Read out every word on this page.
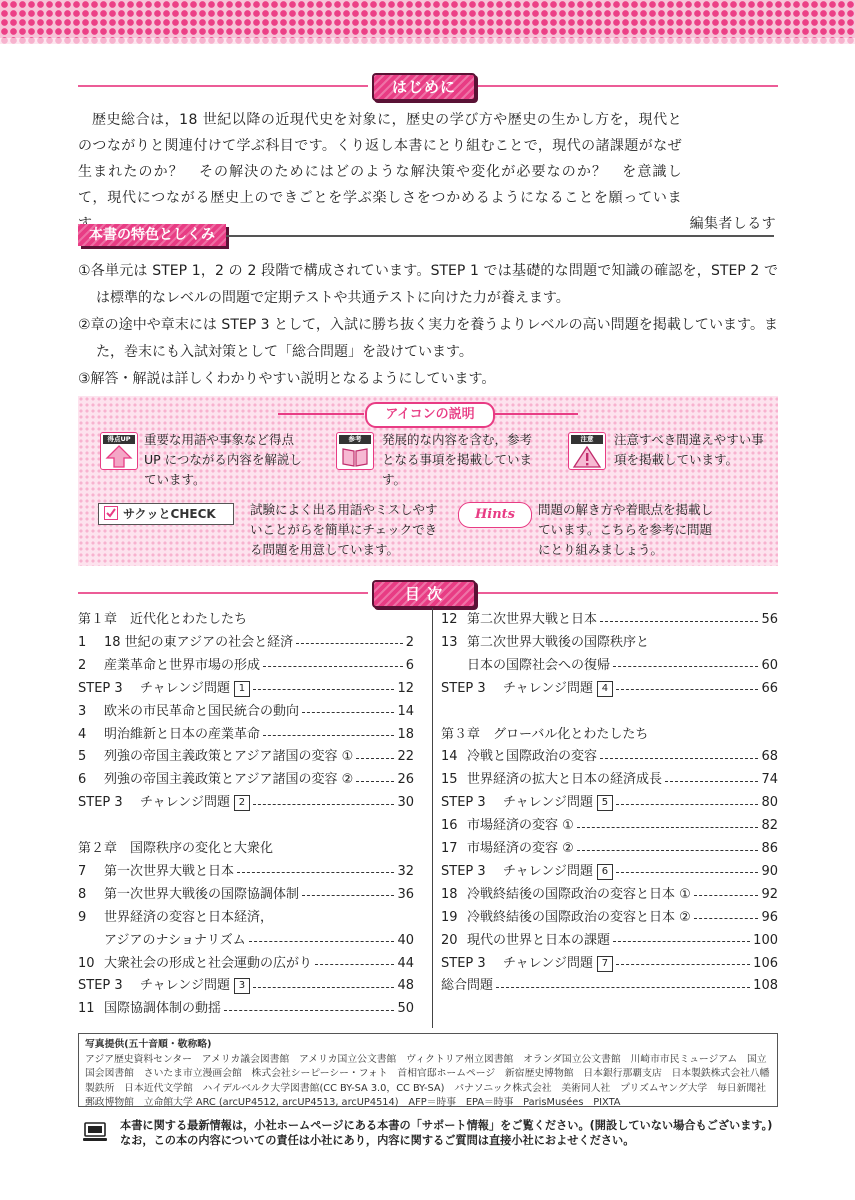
はじめに
歴史総合は，18 世紀以降の近現代史を対象に，歴史の学び方や歴史の生かし方を，現代とのつながりと関連付けて学ぶ科目です。くり返し本書にとり組むことで，現代の諸課題がなぜ生まれたのか？　その解決のためにはどのような解決策や変化が必要なのか？　を意識して，現代につながる歴史上のできごとを学ぶ楽しさをつかめるようになることを願っていま
編集者しるす
本書の特色としくみ
①各単元は STEP 1，2 の 2 段階で構成されています。STEP 1 では基礎的な問題で知識の確認を，STEP 2 では標準的なレベルの問題で定期テストや共通テストに向けた力が養えます。
②章の途中や章末には STEP 3 として，入試に勝ち抜く実力を養うよりレベルの高い問題を掲載しています。また，巻末にも入試対策として「総合問題」を設けています。
③解答・解説は詳しくわかりやすい説明となるようにしています。
アイコンの説明
得点UP	重要な用語や事象など得点 UP につながる内容を解説しています。
参考	発展的な内容を含む，参考となる事項を掲載しています。
注意	注意すべき間違えやすい事項を掲載しています。
サクッとCHECK	試験によく出る用語やミスしやすいことがらを簡単にチェックできる問題を用意しています。
Hints	問題の解き方や着眼点を掲載しています。こちらを参考に問題にとり組みましょう。
目 次
第１章　近代化とわたしたち
1	18 世紀の東アジアの社会と経済	2
2	産業革命と世界市場の形成	6
STEP 3	チャレンジ問題 1	12
3	欧米の市民革命と国民統合の動向	14
4	明治維新と日本の産業革命	18
5	列強の帝国主義政策とアジア諸国の変容 ①	22
6	列強の帝国主義政策とアジア諸国の変容 ②	26
STEP 3	チャレンジ問題 2	30
第２章　国際秩序の変化と大衆化
7	第一次世界大戦と日本	32
8	第一次世界大戦後の国際協調体制	36
9	世界経済の変容と日本経済，
アジアのナショナリズム	40
10 大衆社会の形成と社会運動の広がり	44
STEP 3	チャレンジ問題 3	48
11 国際協調体制の動揺	50
12 第二次世界大戦と日本	56
13 第二次世界大戦後の国際秩序と
日本の国際社会への復帰	60
STEP 3	チャレンジ問題 4	66
第３章　グローバル化とわたしたち
14 冷戦と国際政治の変容	68
15 世界経済の拡大と日本の経済成長	74
STEP 3	チャレンジ問題 5	80
16 市場経済の変容 ①	82
17 市場経済の変容 ②	86
STEP 3	チャレンジ問題 6	90
18 冷戦終結後の国際政治の変容と日本 ①	92
19 冷戦終結後の国際政治の変容と日本 ②	96
20 現代の世界と日本の課題	100
STEP 3	チャレンジ問題 7	106
総合問題	108
写真提供(五十音順・敬称略)
アジア歴史資料センター　アメリカ議会図書館　アメリカ国立公文書館　ヴィクトリア州立図書館　オランダ国立公文書館　川崎市市民ミュージアム　国立国会図書館　さいたま市立漫画会館　株式会社シーピーシー・フォト　首相官邸ホームページ　新宿歴史博物館　日本銀行那覇支店　日本製鉄株式会社八幡製鉄所　日本近代文学館　ハイデルベルク大学図書館(CC BY-SA 3.0，CC BY-SA)　パナソニック株式会社　美術同人社　プリズムヤング大学　毎日新聞社　郵政博物館　立命館大学 ARC (arcUP4512, arcUP4513, arcUP4514)　AFP＝時事　EPA＝時事　ParisMusées　PIXTA
本書に関する最新情報は，小社ホームページにある本書の「サポート情報」をご覧ください。(開設していない場合もございます。)
なお，この本の内容についての責任は小社にあり，内容に関するご質問は直接小社におよせください。
